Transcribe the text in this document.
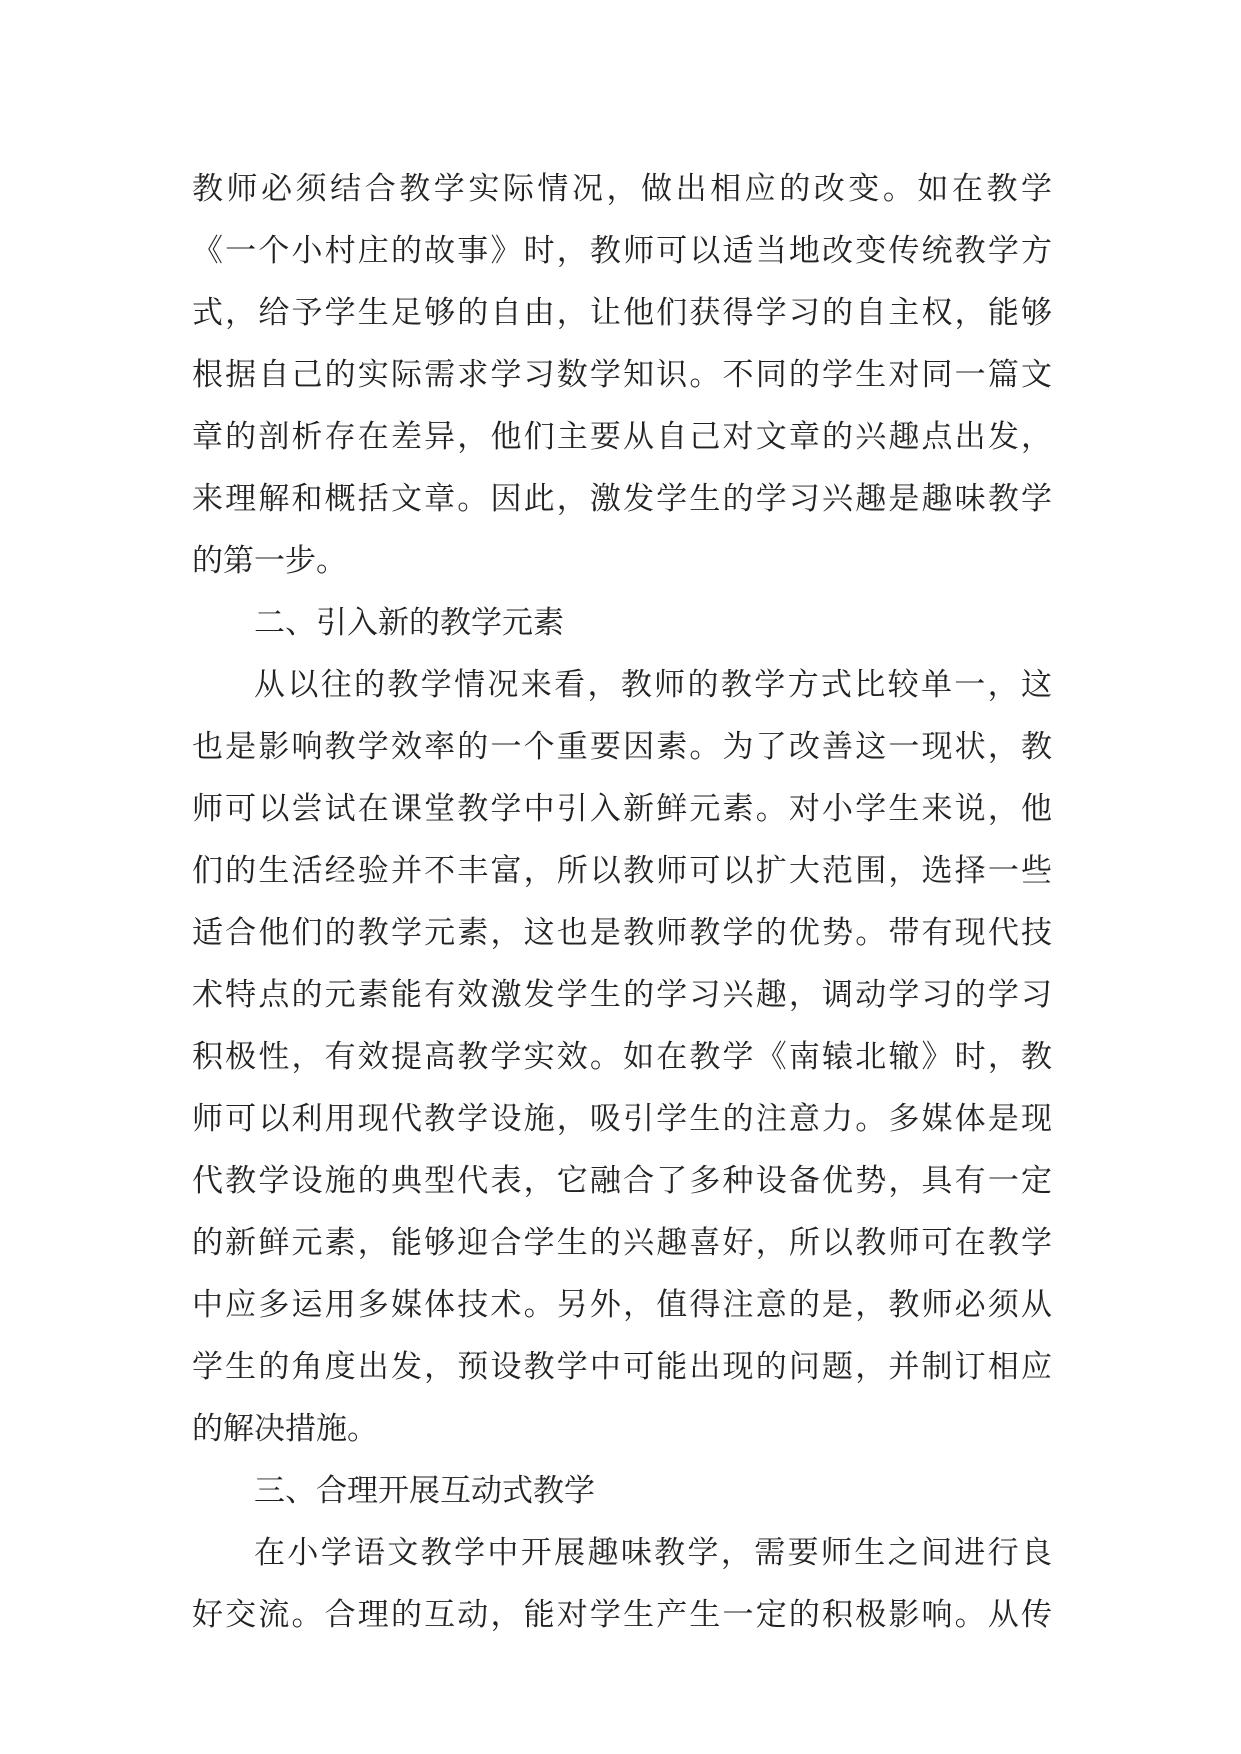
教师必须结合教学实际情况，做出相应的改变。如在教学
《一个小村庄的故事》时，教师可以适当地改变传统教学方
式，给予学生足够的自由，让他们获得学习的自主权，能够
根据自己的实际需求学习数学知识。不同的学生对同一篇文
章的剖析存在差异，他们主要从自己对文章的兴趣点出发，
来理解和概括文章。因此，激发学生的学习兴趣是趣味教学
的第一步。
二、引入新的教学元素
从以往的教学情况来看，教师的教学方式比较单一，这
也是影响教学效率的一个重要因素。为了改善这一现状，教
师可以尝试在课堂教学中引入新鲜元素。对小学生来说，他
们的生活经验并不丰富，所以教师可以扩大范围，选择一些
适合他们的教学元素，这也是教师教学的优势。带有现代技
术特点的元素能有效激发学生的学习兴趣，调动学习的学习
积极性，有效提高教学实效。如在教学《南辕北辙》时，教
师可以利用现代教学设施，吸引学生的注意力。多媒体是现
代教学设施的典型代表，它融合了多种设备优势，具有一定
的新鲜元素，能够迎合学生的兴趣喜好，所以教师可在教学
中应多运用多媒体技术。另外，值得注意的是，教师必须从
学生的角度出发，预设教学中可能出现的问题，并制订相应
的解决措施。
三、合理开展互动式教学
在小学语文教学中开展趣味教学，需要师生之间进行良
好交流。合理的互动，能对学生产生一定的积极影响。从传
